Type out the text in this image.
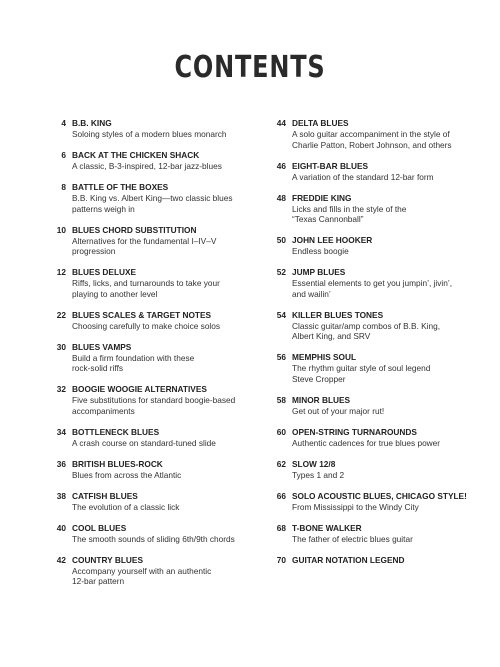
CONTENTS
4 B.B. KING
Soloing styles of a modern blues monarch
6 BACK AT THE CHICKEN SHACK
A classic, B-3-inspired, 12-bar jazz-blues
8 BATTLE OF THE BOXES
B.B. King vs. Albert King—two classic blues
patterns weigh in
10 BLUES CHORD SUBSTITUTION
Alternatives for the fundamental I–IV–V
progression
12 BLUES DELUXE
Riffs, licks, and turnarounds to take your
playing to another level
22 BLUES SCALES & TARGET NOTES
Choosing carefully to make choice solos
30 BLUES VAMPS
Build a firm foundation with these
rock-solid riffs
32 BOOGIE WOOGIE ALTERNATIVES
Five substitutions for standard boogie-based
accompaniments
34 BOTTLENECK BLUES
A crash course on standard-tuned slide
36 BRITISH BLUES-ROCK
Blues from across the Atlantic
38 CATFISH BLUES
The evolution of a classic lick
40 COOL BLUES
The smooth sounds of sliding 6th/9th chords
42 COUNTRY BLUES
Accompany yourself with an authentic
12-bar pattern
44 DELTA BLUES
A solo guitar accompaniment in the style of
Charlie Patton, Robert Johnson, and others
46 EIGHT-BAR BLUES
A variation of the standard 12-bar form
48 FREDDIE KING
Licks and fills in the style of the
“Texas Cannonball”
50 JOHN LEE HOOKER
Endless boogie
52 JUMP BLUES
Essential elements to get you jumpin’, jivin’,
and wailin’
54 KILLER BLUES TONES
Classic guitar/amp combos of B.B. King,
Albert King, and SRV
56 MEMPHIS SOUL
The rhythm guitar style of soul legend
Steve Cropper
58 MINOR BLUES
Get out of your major rut!
60 OPEN-STRING TURNAROUNDS
Authentic cadences for true blues power
62 SLOW 12/8
Types 1 and 2
66 SOLO ACOUSTIC BLUES, CHICAGO STYLE!
From Mississippi to the Windy City
68 T-BONE WALKER
The father of electric blues guitar
70 GUITAR NOTATION LEGEND
